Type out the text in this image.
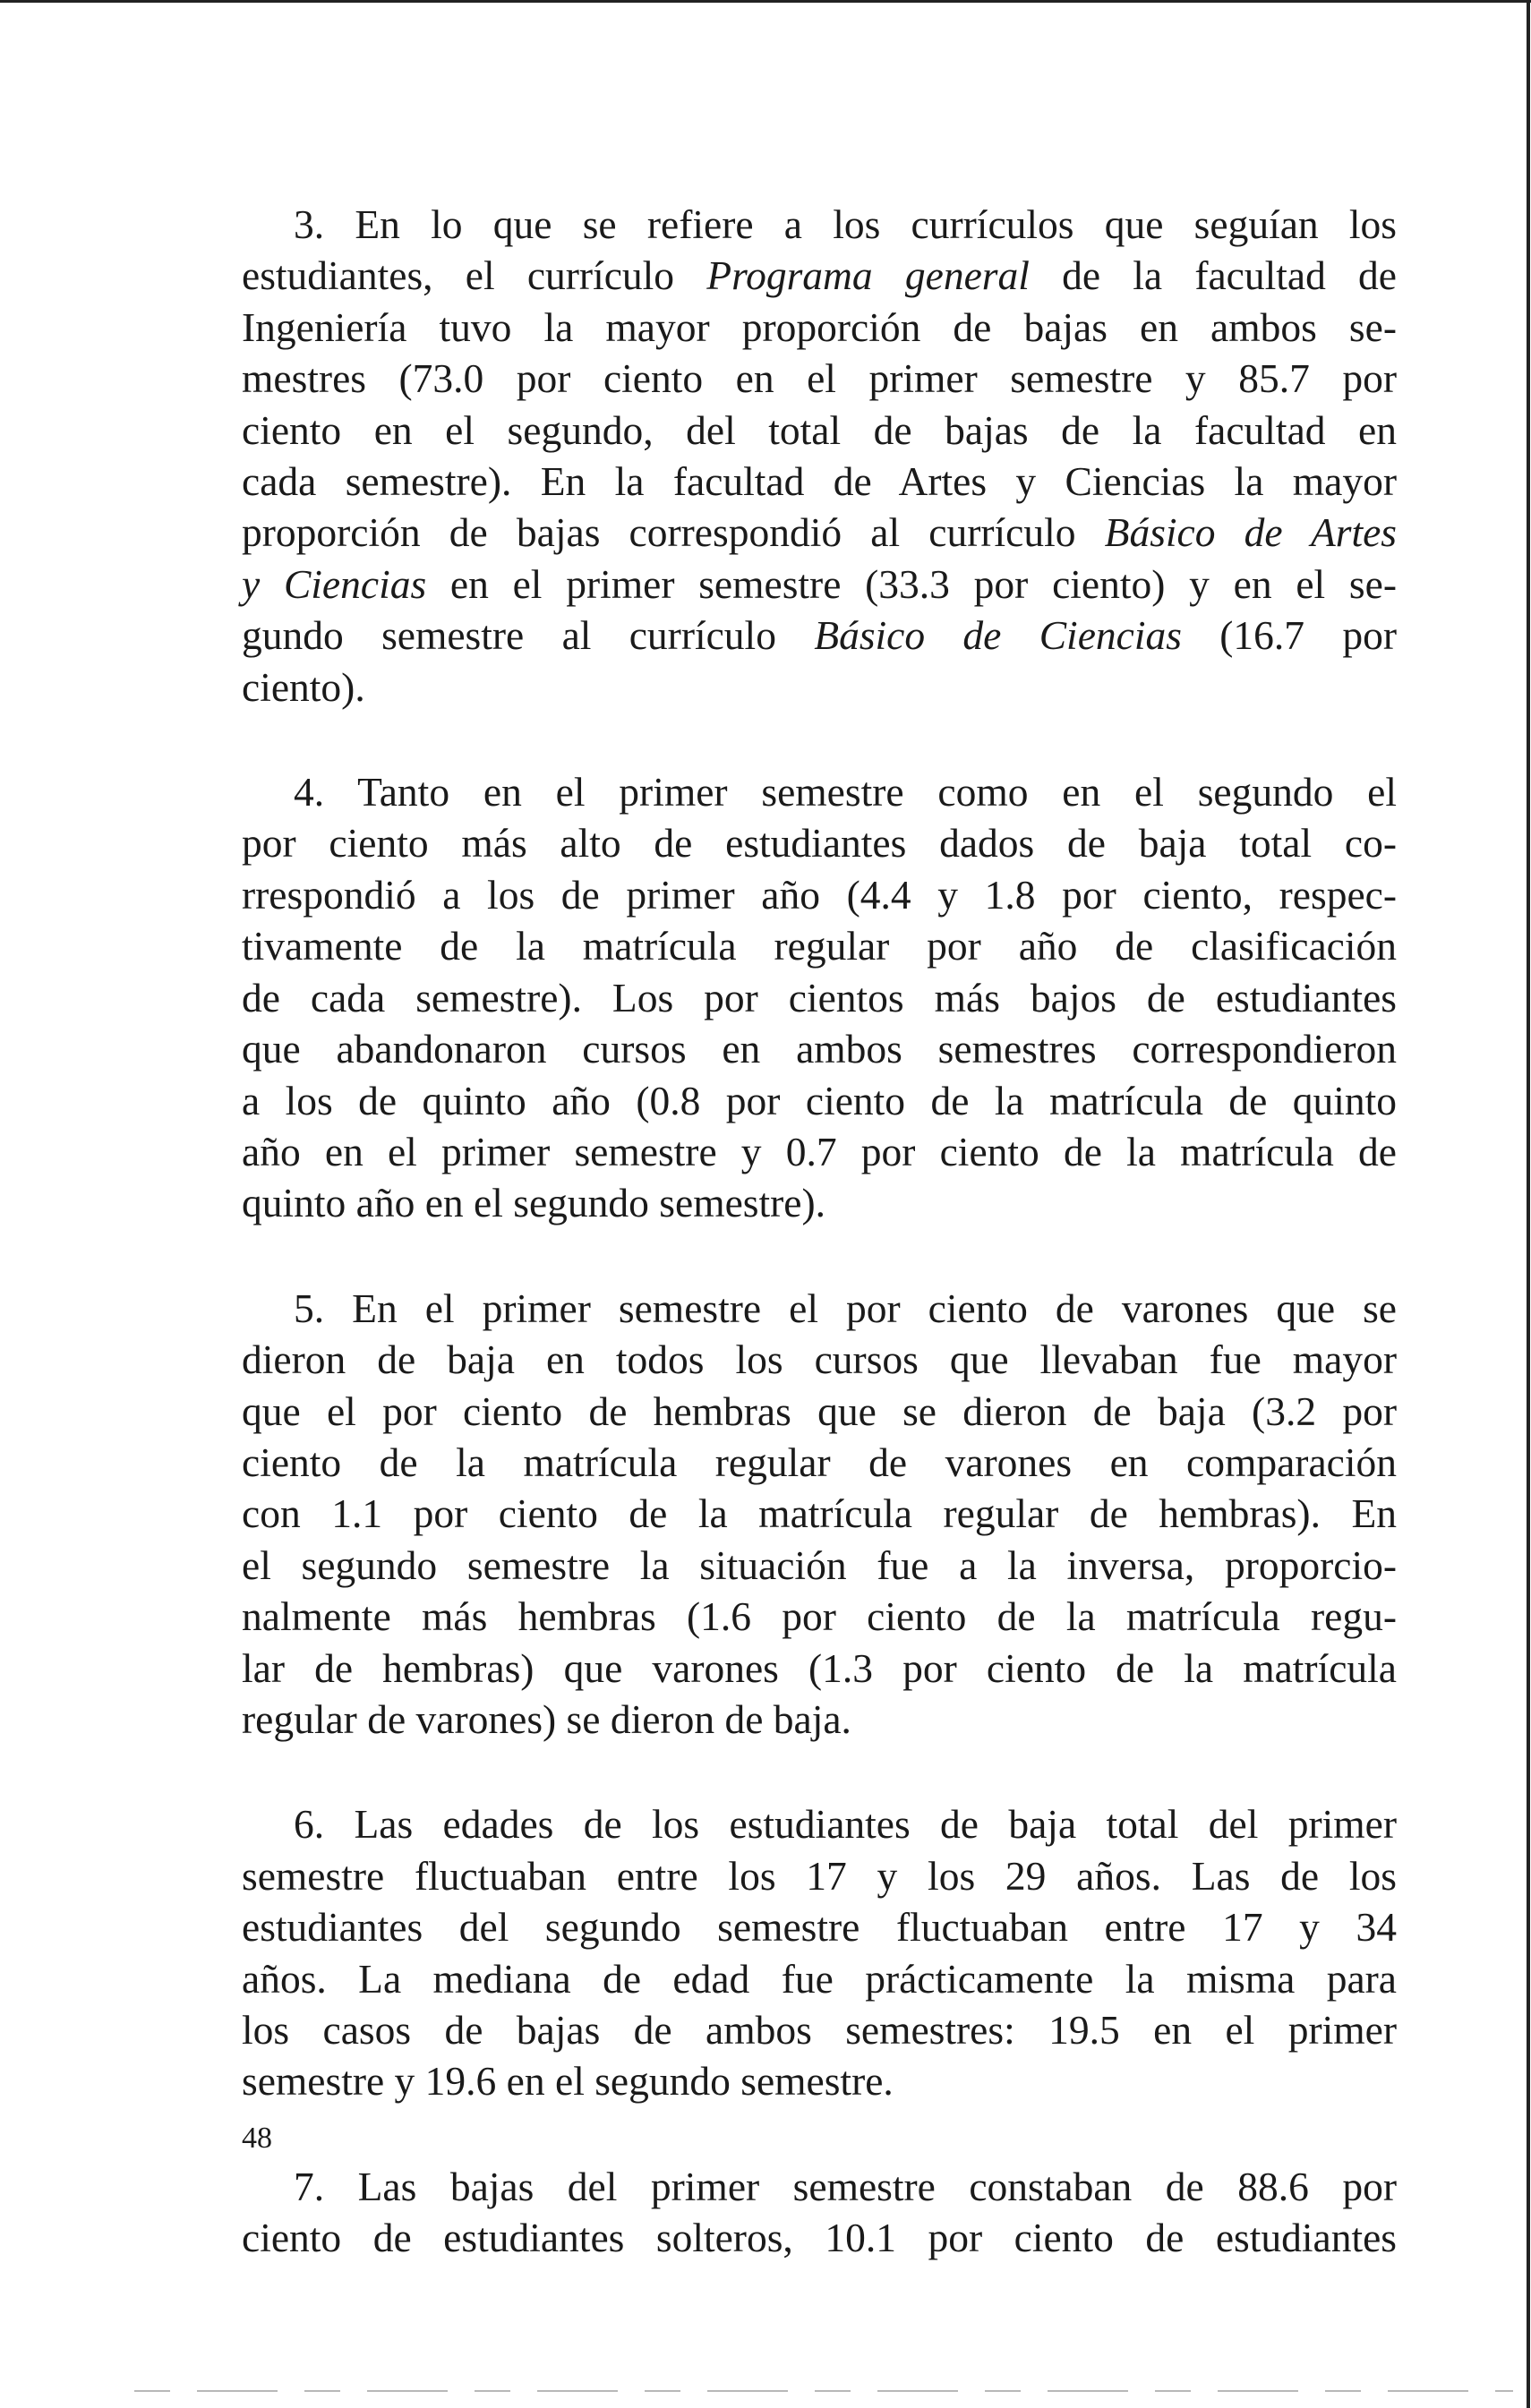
3. En lo que se refiere a los currículos que seguían los
estudiantes, el currículo Programa general de la facultad de
Ingeniería tuvo la mayor proporción de bajas en ambos se-
mestres (73.0 por ciento en el primer semestre y 85.7 por
ciento en el segundo, del total de bajas de la facultad en
cada semestre). En la facultad de Artes y Ciencias la mayor
proporción de bajas correspondió al currículo Básico de Artes
y Ciencias en el primer semestre (33.3 por ciento) y en el se-
gundo semestre al currículo Básico de Ciencias (16.7 por
ciento).

4. Tanto en el primer semestre como en el segundo el
por ciento más alto de estudiantes dados de baja total co-
rrespondió a los de primer año (4.4 y 1.8 por ciento, respec-
tivamente de la matrícula regular por año de clasificación
de cada semestre). Los por cientos más bajos de estudiantes
que abandonaron cursos en ambos semestres correspondieron
a los de quinto año (0.8 por ciento de la matrícula de quinto
año en el primer semestre y 0.7 por ciento de la matrícula de
quinto año en el segundo semestre).

5. En el primer semestre el por ciento de varones que se
dieron de baja en todos los cursos que llevaban fue mayor
que el por ciento de hembras que se dieron de baja (3.2 por
ciento de la matrícula regular de varones en comparación
con 1.1 por ciento de la matrícula regular de hembras). En
el segundo semestre la situación fue a la inversa, proporcio-
nalmente más hembras (1.6 por ciento de la matrícula regu-
lar de hembras) que varones (1.3 por ciento de la matrícula
regular de varones) se dieron de baja.

6. Las edades de los estudiantes de baja total del primer
semestre fluctuaban entre los 17 y los 29 años. Las de los
estudiantes del segundo semestre fluctuaban entre 17 y 34
años. La mediana de edad fue prácticamente la misma para
los casos de bajas de ambos semestres: 19.5 en el primer
semestre y 19.6 en el segundo semestre.

7. Las bajas del primer semestre constaban de 88.6 por
ciento de estudiantes solteros, 10.1 por ciento de estudiantes

48
